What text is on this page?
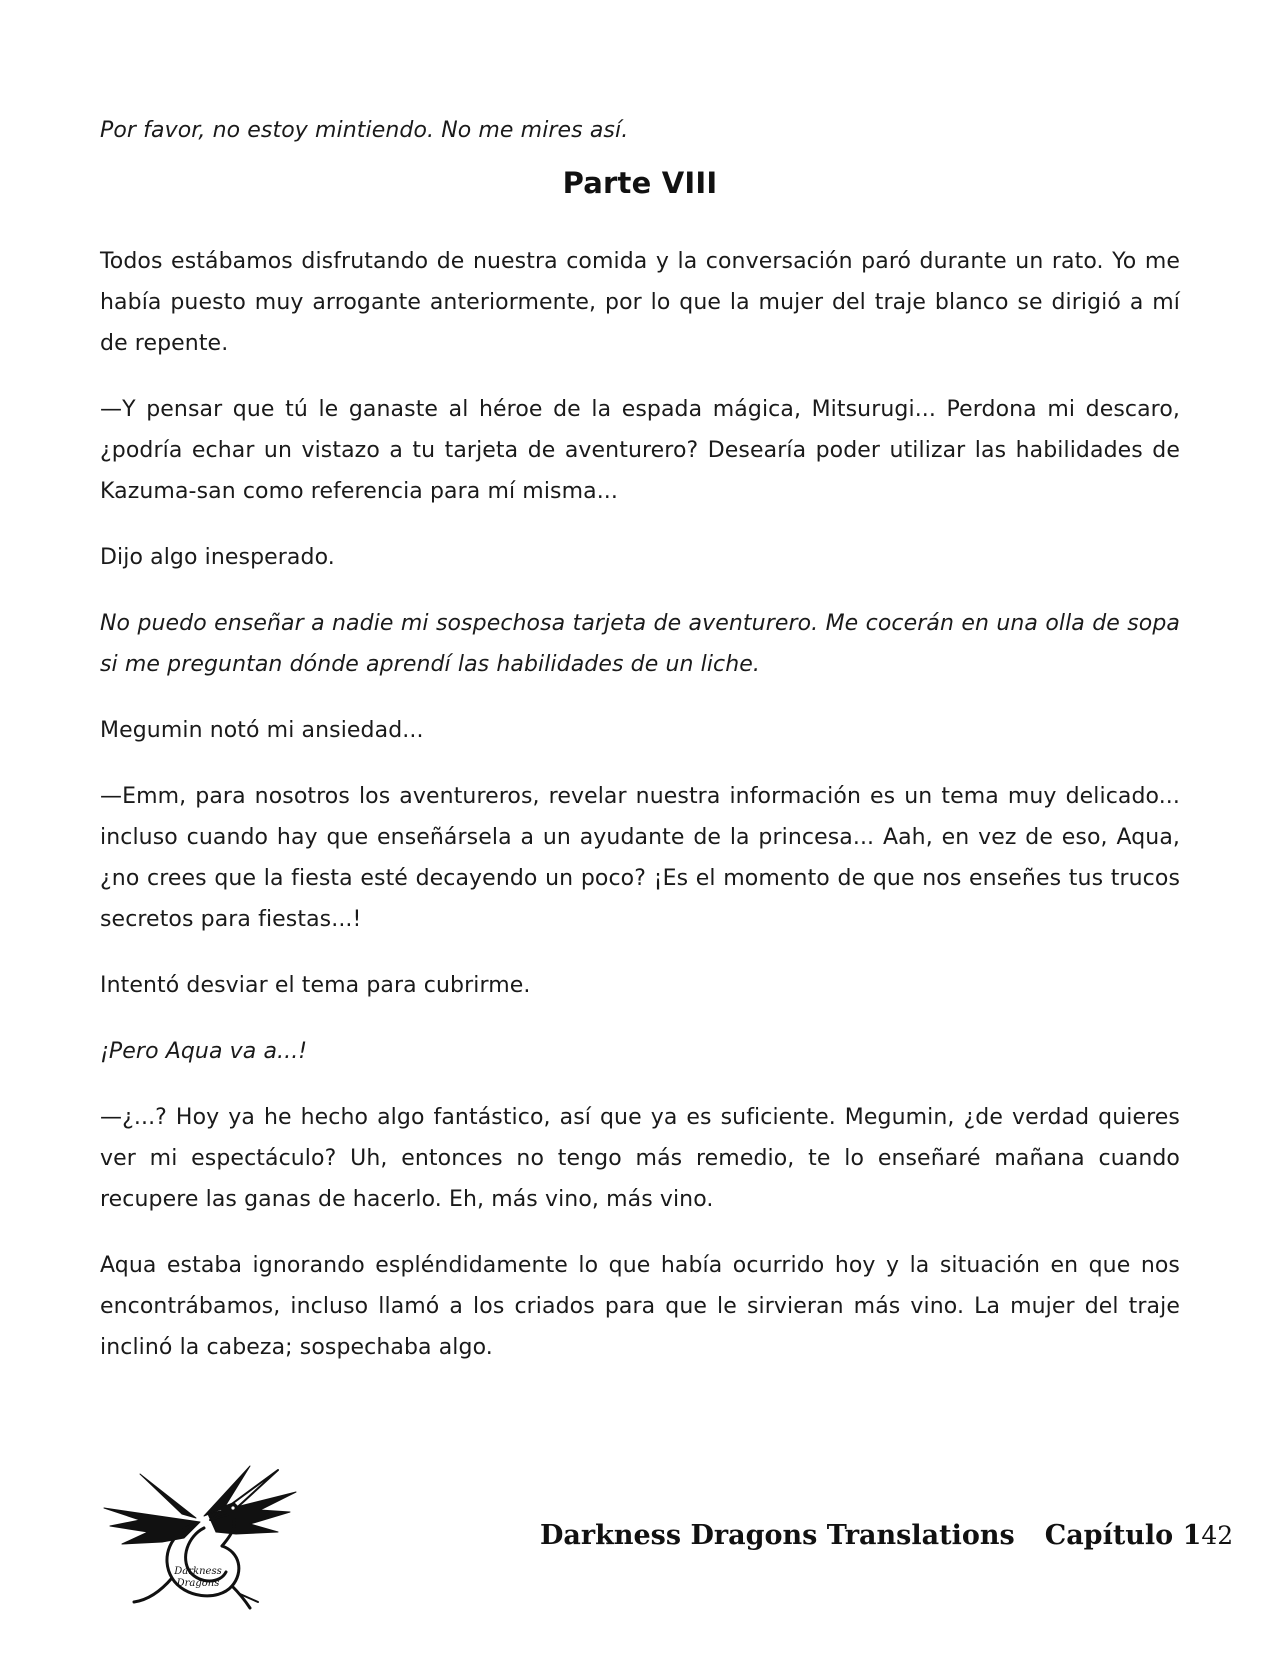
Por favor, no estoy mintiendo. No me mires así.

Parte VIII

Todos estábamos disfrutando de nuestra comida y la conversación paró durante un rato. Yo me había puesto muy arrogante anteriormente, por lo que la mujer del traje blanco se dirigió a mí de repente.

—Y pensar que tú le ganaste al héroe de la espada mágica, Mitsurugi... Perdona mi descaro, ¿podría echar un vistazo a tu tarjeta de aventurero? Desearía poder utilizar las habilidades de Kazuma-san como referencia para mí misma...

Dijo algo inesperado.

No puedo enseñar a nadie mi sospechosa tarjeta de aventurero. Me cocerán en una olla de sopa si me preguntan dónde aprendí las habilidades de un liche.

Megumin notó mi ansiedad...

—Emm, para nosotros los aventureros, revelar nuestra información es un tema muy delicado... incluso cuando hay que enseñársela a un ayudante de la princesa... Aah, en vez de eso, Aqua, ¿no crees que la fiesta esté decayendo un poco? ¡Es el momento de que nos enseñes tus trucos secretos para fiestas...!

Intentó desviar el tema para cubrirme.

¡Pero Aqua va a...!

—¿...? Hoy ya he hecho algo fantástico, así que ya es suficiente. Megumin, ¿de verdad quieres ver mi espectáculo? Uh, entonces no tengo más remedio, te lo enseñaré mañana cuando recupere las ganas de hacerlo. Eh, más vino, más vino.

Aqua estaba ignorando espléndidamente lo que había ocurrido hoy y la situación en que nos encontrábamos, incluso llamó a los criados para que le sirvieran más vino. La mujer del traje inclinó la cabeza; sospechaba algo.

Darkness
Dragons
Darkness Dragons Translations Capítulo 1 42
